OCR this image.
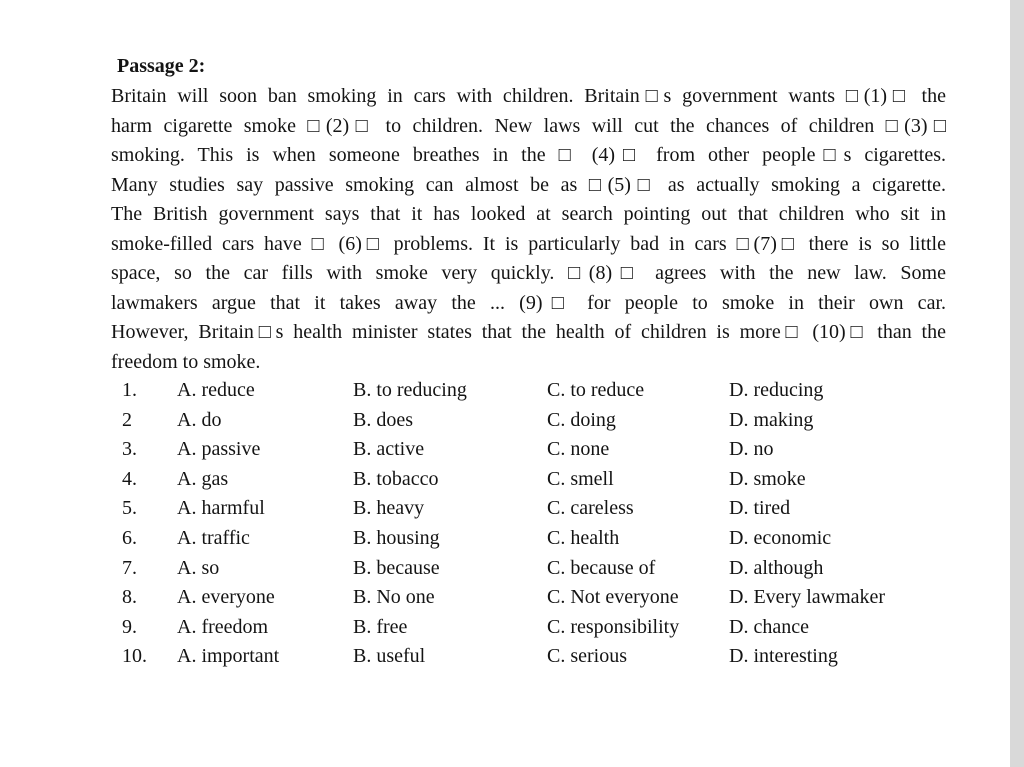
Passage 2:
Britain will soon ban smoking in cars with children. Britain□s government wants □(1)□ the
harm cigarette smoke □(2)□ to children. New laws will cut the chances of children □(3)□
smoking. This is when someone breathes in the □ (4)□ from other people□s cigarettes.
Many studies say passive smoking can almost be as □(5)□ as actually smoking a cigarette.
The British government says that it has looked at search pointing out that children who sit in
smoke-filled cars have □ (6)□ problems. It is particularly bad in cars □(7)□ there is so little
space, so the car fills with smoke very quickly. □(8)□ agrees with the new law. Some
lawmakers argue that it takes away the ... (9)□ for people to smoke in their own car.
However, Britain□s health minister states that the health of children is more□ (10)□ than the
freedom to smoke.
1. A. reduce	B. to reducing	C. to reduce	D. reducing
2 A. do	B. does	C. doing	D. making
3. A. passive	B. active	C. none	D. no
4. A. gas	B. tobacco	C. smell	D. smoke
5. A. harmful	B. heavy	C. careless	D. tired
6. A. traffic	B. housing	C. health	D. economic
7. A. so	B. because	C. because of	D. although
8. A. everyone	B. No one	C. Not everyone	D. Every lawmaker
9. A. freedom	B. free	C. responsibility D. chance
10. A. important	B. useful	C. serious	D. interesting
